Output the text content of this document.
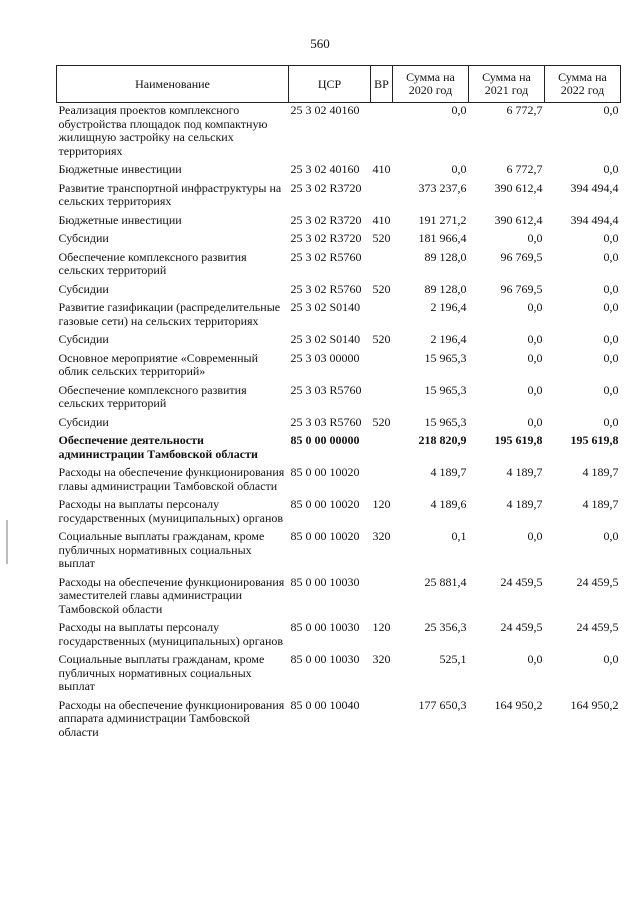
560
Наименование	ЦСР	ВР	Сумма на 2020 год	Сумма на 2021 год	Сумма на 2022 год
Реализация проектов комплексного обустройства площадок под компактную жилищную застройку на сельских территориях	25 3 02 40160		0,0	6 772,7	0,0
Бюджетные инвестиции	25 3 02 40160	410	0,0	6 772,7	0,0
Развитие транспортной инфраструктуры на сельских территориях	25 3 02 R3720		373 237,6	390 612,4	394 494,4
Бюджетные инвестиции	25 3 02 R3720	410	191 271,2	390 612,4	394 494,4
Субсидии	25 3 02 R3720	520	181 966,4	0,0	0,0
Обеспечение комплексного развития сельских территорий	25 3 02 R5760		89 128,0	96 769,5	0,0
Субсидии	25 3 02 R5760	520	89 128,0	96 769,5	0,0
Развитие газификации (распределительные газовые сети) на сельских территориях	25 3 02 S0140		2 196,4	0,0	0,0
Субсидии	25 3 02 S0140	520	2 196,4	0,0	0,0
Основное мероприятие «Современный облик сельских территорий»	25 3 03 00000		15 965,3	0,0	0,0
Обеспечение комплексного развития сельских территорий	25 3 03 R5760		15 965,3	0,0	0,0
Субсидии	25 3 03 R5760	520	15 965,3	0,0	0,0
Обеспечение деятельности администрации Тамбовской области	85 0 00 00000		218 820,9	195 619,8	195 619,8
Расходы на обеспечение функционирования главы администрации Тамбовской области	85 0 00 10020		4 189,7	4 189,7	4 189,7
Расходы на выплаты персоналу государственных (муниципальных) органов	85 0 00 10020	120	4 189,6	4 189,7	4 189,7
Социальные выплаты гражданам, кроме публичных нормативных социальных выплат	85 0 00 10020	320	0,1	0,0	0,0
Расходы на обеспечение функционирования заместителей главы администрации Тамбовской области	85 0 00 10030		25 881,4	24 459,5	24 459,5
Расходы на выплаты персоналу государственных (муниципальных) органов	85 0 00 10030	120	25 356,3	24 459,5	24 459,5
Социальные выплаты гражданам, кроме публичных нормативных социальных выплат	85 0 00 10030	320	525,1	0,0	0,0
Расходы на обеспечение функционирования аппарата администрации Тамбовской области	85 0 00 10040		177 650,3	164 950,2	164 950,2
